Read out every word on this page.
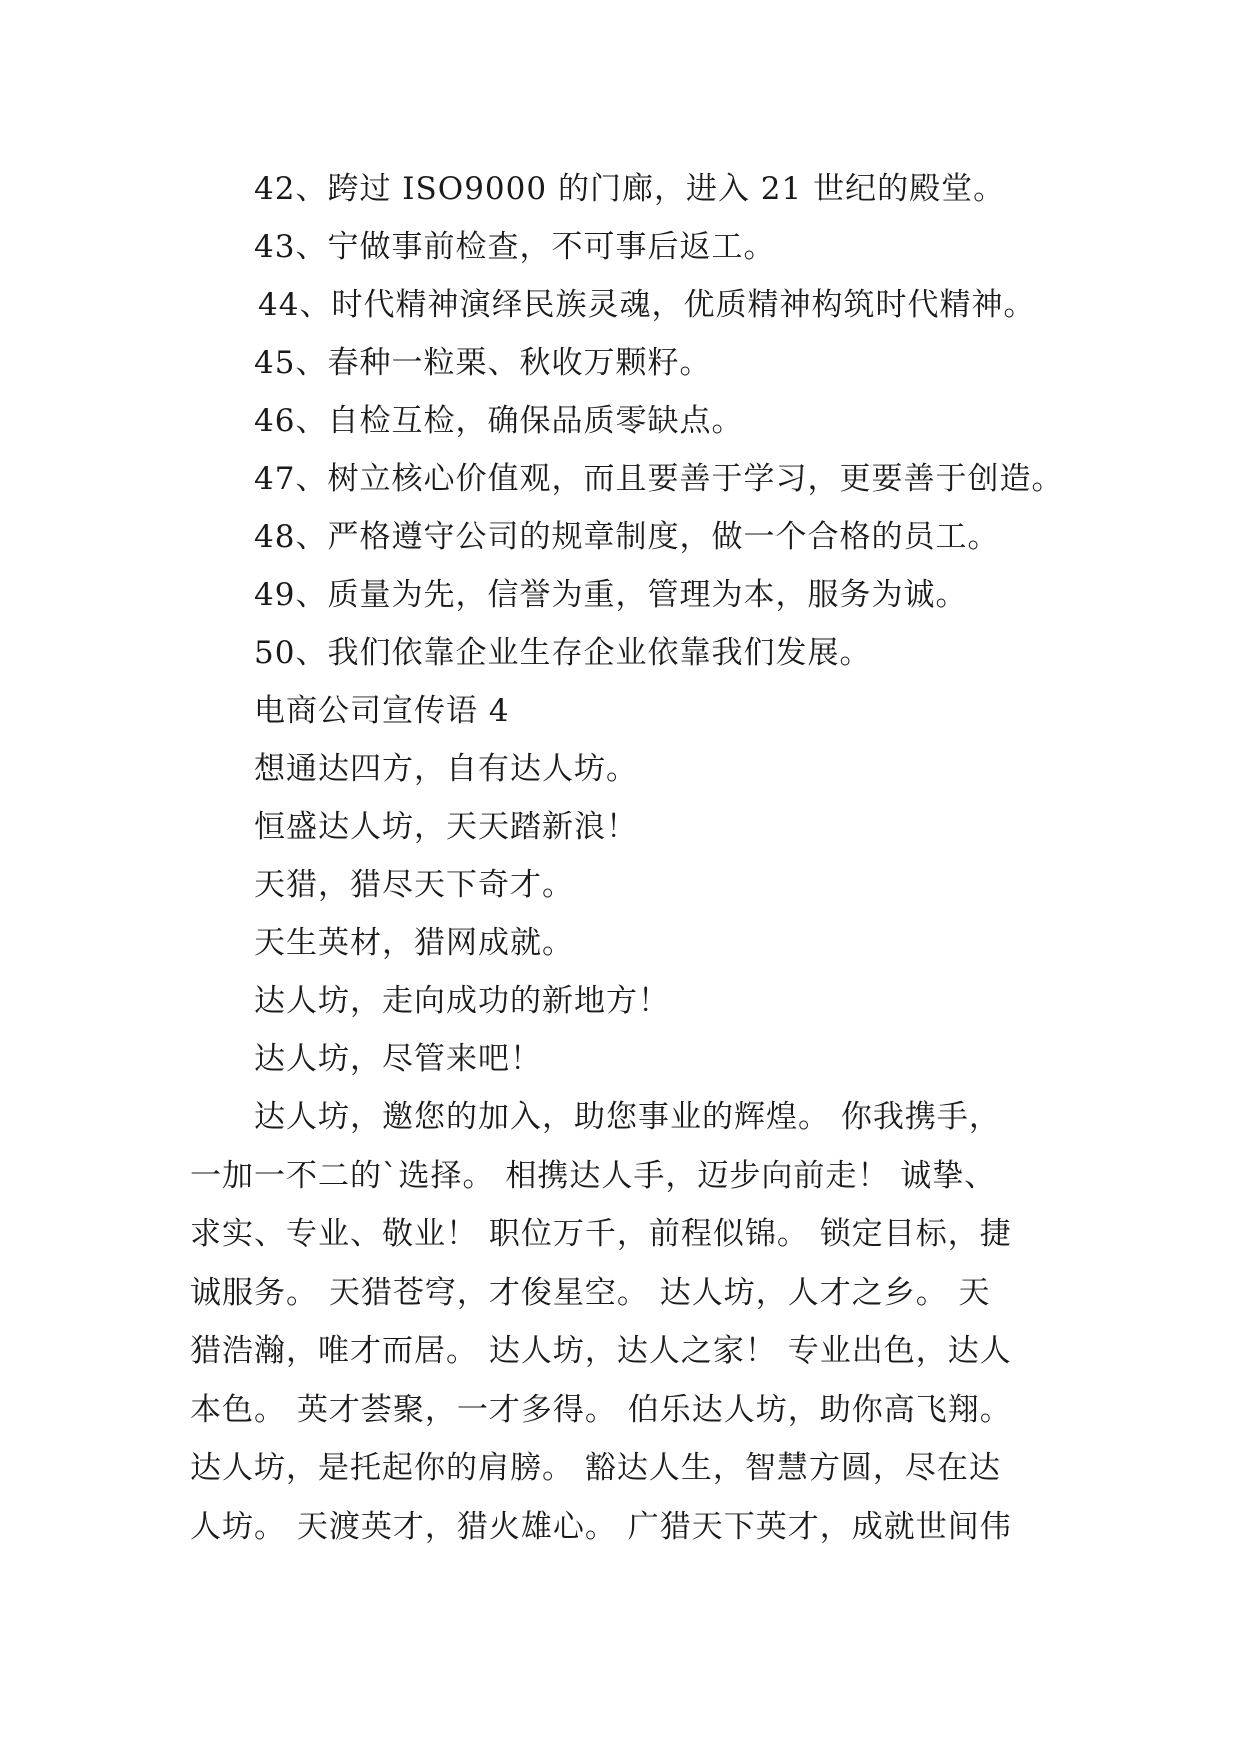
42、跨过 ISO9000 的门廊，进入 21 世纪的殿堂。
43、宁做事前检查，不可事后返工。
44、时代精神演绎民族灵魂，优质精神构筑时代精神。
45、春种一粒栗、秋收万颗籽。
46、自检互检，确保品质零缺点。
47、树立核心价值观，而且要善于学习，更要善于创造。
48、严格遵守公司的规章制度，做一个合格的员工。
49、质量为先，信誉为重，管理为本，服务为诚。
50、我们依靠企业生存企业依靠我们发展。
电商公司宣传语 4
想通达四方，自有达人坊。
恒盛达人坊，天天踏新浪！
天猎，猎尽天下奇才。
天生英材，猎网成就。
达人坊，走向成功的新地方！
达人坊，尽管来吧！
达人坊，邀您的加入，助您事业的辉煌。 你我携手，
一加一不二的`选择。 相携达人手，迈步向前走！ 诚挚、
求实、专业、敬业！ 职位万千，前程似锦。 锁定目标，捷
诚服务。 天猎苍穹，才俊星空。 达人坊，人才之乡。 天
猎浩瀚，唯才而居。 达人坊，达人之家！ 专业出色，达人
本色。 英才荟聚，一才多得。 伯乐达人坊，助你高飞翔。
达人坊，是托起你的肩膀。 豁达人生，智慧方圆，尽在达
人坊。 天渡英才，猎火雄心。 广猎天下英才，成就世间伟
